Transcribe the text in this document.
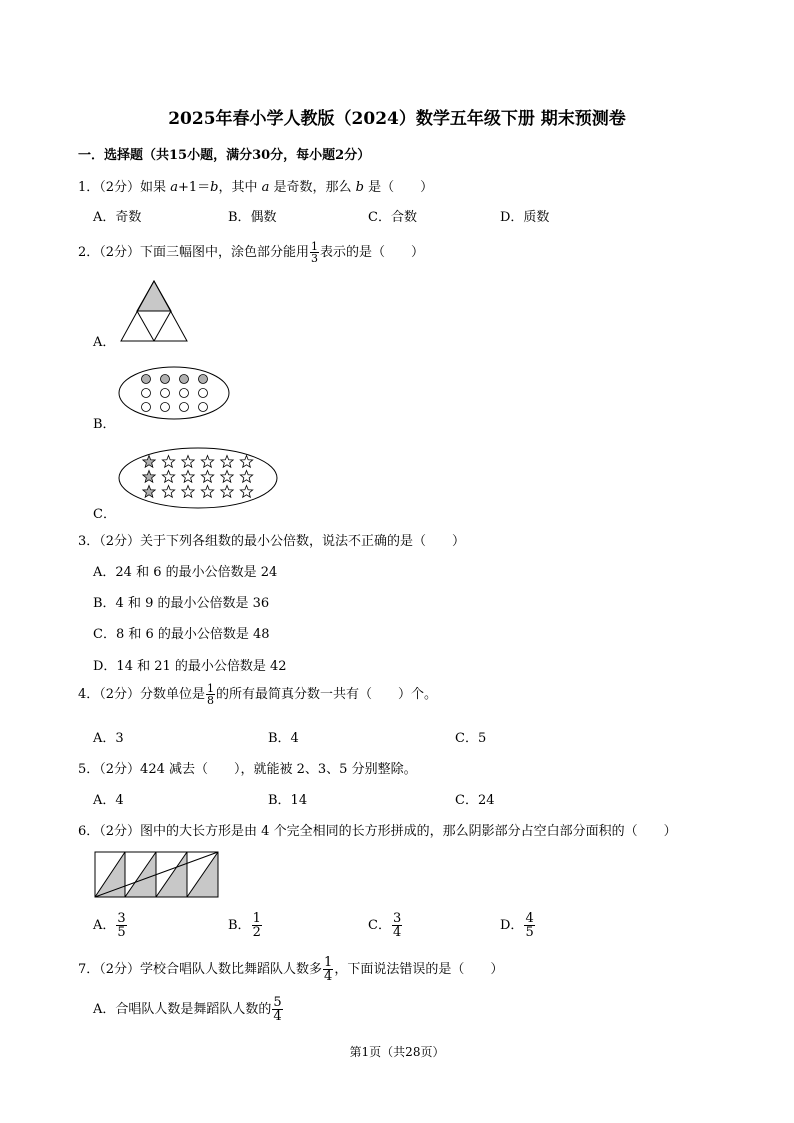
2025年春小学人教版（2024）数学五年级下册 期末预测卷
一．选择题（共15小题，满分30分，每小题2分）
1．（2分）如果 a+1＝b，其中 a 是奇数，那么 b 是（　　）
A．奇数	B．偶数	C．合数	D．质数
2．（2分）下面三幅图中，涂色部分能用 $\frac{1}{3}$ 表示的是（　　）
A．
B．
C．
3．（2分）关于下列各组数的最小公倍数，说法不正确的是（　　）
A．24 和 6 的最小公倍数是 24
B．4 和 9 的最小公倍数是 36
C．8 和 6 的最小公倍数是 48
D．14 和 21 的最小公倍数是 42
4．（2分）分数单位是 $\frac{1}{8}$ 的所有最简真分数一共有（　　）个。
A．3	B．4	C．5
5．（2分）424 减去（　　），就能被 2、3、5 分别整除。
A．4	B．14	C．24
6．（2分）图中的大长方形是由 4 个完全相同的长方形拼成的，那么阴影部分占空白部分面积的（　　）
A． $\frac{3}{5}$	B． $\frac{1}{2}$	C． $\frac{3}{4}$	D． $\frac{4}{5}$
7．（2分）学校合唱队人数比舞蹈队人数多 $\frac{1}{4}$ ，下面说法错误的是（　　）
A．合唱队人数是舞蹈队人数的 $\frac{5}{4}$
第1页（共28页）
